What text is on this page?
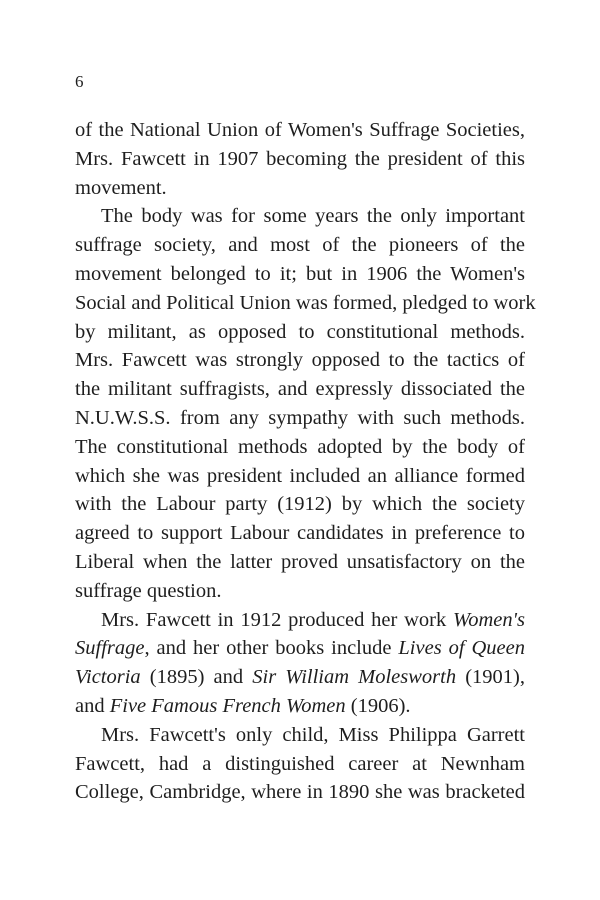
6

of the National Union of Women's Suffrage Societies,
Mrs. Fawcett in 1907 becoming the president of this
movement.

The body was for some years the only important
suffrage society, and most of the pioneers of the
movement belonged to it; but in 1906 the Women's
Social and Political Union was formed, pledged to work
by militant, as opposed to constitutional methods.
Mrs. Fawcett was strongly opposed to the tactics of
the militant suffragists, and expressly dissociated the
N.U.W.S.S. from any sympathy with such methods.
The constitutional methods adopted by the body of
which she was president included an alliance formed
with the Labour party (1912) by which the society
agreed to support Labour candidates in preference to
Liberal when the latter proved unsatisfactory on the
suffrage question.

Mrs. Fawcett in 1912 produced her work Women's
Suffrage, and her other books include Lives of Queen
Victoria (1895) and Sir William Molesworth (1901),
and Five Famous French Women (1906).

Mrs. Fawcett's only child, Miss Philippa Garrett
Fawcett, had a distinguished career at Newnham
College, Cambridge, where in 1890 she was bracketed
